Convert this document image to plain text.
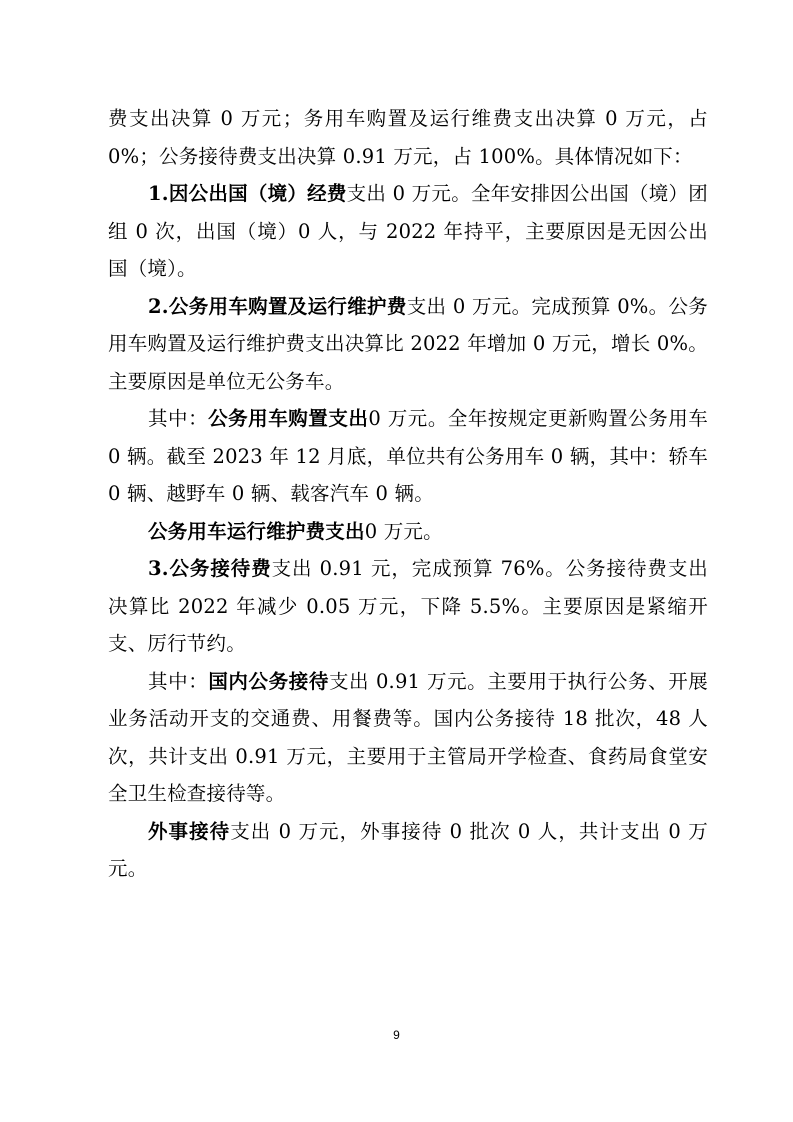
费支出决算 0 万元；务用车购置及运行维费支出决算 0 万元，占 0%；公务接待费支出决算 0.91 万元，占 100%。具体情况如下：

1.因公出国（境）经费支出 0 万元。全年安排因公出国（境）团组 0 次，出国（境）0 人，与 2022 年持平，主要原因是无因公出国（境）。

2.公务用车购置及运行维护费支出 0 万元。完成预算 0%。公务用车购置及运行维护费支出决算比 2022 年增加 0 万元，增长 0%。主要原因是单位无公务车。

其中：公务用车购置支出0 万元。全年按规定更新购置公务用车 0 辆。截至 2023 年 12 月底，单位共有公务用车 0 辆，其中：轿车 0 辆、越野车 0 辆、载客汽车 0 辆。

公务用车运行维护费支出0 万元。

3.公务接待费支出 0.91 元，完成预算 76%。公务接待费支出决算比 2022 年减少 0.05 万元，下降 5.5%。主要原因是紧缩开支、厉行节约。

其中：国内公务接待支出 0.91 万元。主要用于执行公务、开展业务活动开支的交通费、用餐费等。国内公务接待 18 批次，48 人次，共计支出 0.91 万元，主要用于主管局开学检查、食药局食堂安全卫生检查接待等。

外事接待支出 0 万元，外事接待 0 批次 0 人，共计支出 0 万元。

9
